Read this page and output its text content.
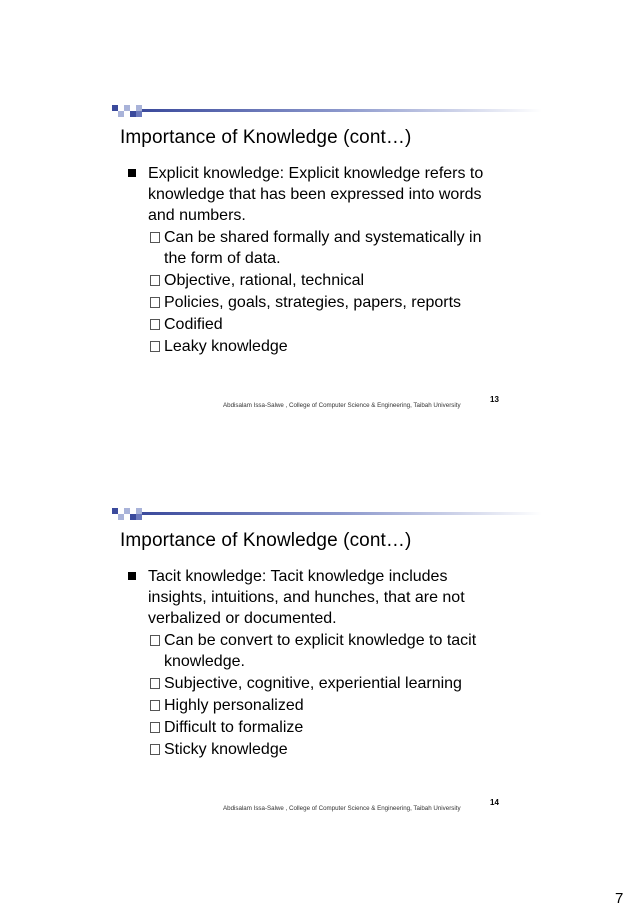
Importance of Knowledge (cont…)
Explicit knowledge: Explicit knowledge refers to knowledge that has been expressed into words and numbers.
Can be shared formally and systematically in the form of data.
Objective, rational, technical
Policies, goals, strategies, papers, reports
Codified
Leaky knowledge
Abdisalam Issa-Salwe , College of Computer Science & Engineering, Taibah University
13
Importance of Knowledge (cont…)
Tacit knowledge: Tacit knowledge includes insights, intuitions, and hunches, that are not verbalized or documented.
Can be convert to explicit knowledge to tacit knowledge.
Subjective, cognitive, experiential learning
Highly personalized
Difficult to formalize
Sticky knowledge
Abdisalam Issa-Salwe , College of Computer Science & Engineering, Taibah University
14
7
